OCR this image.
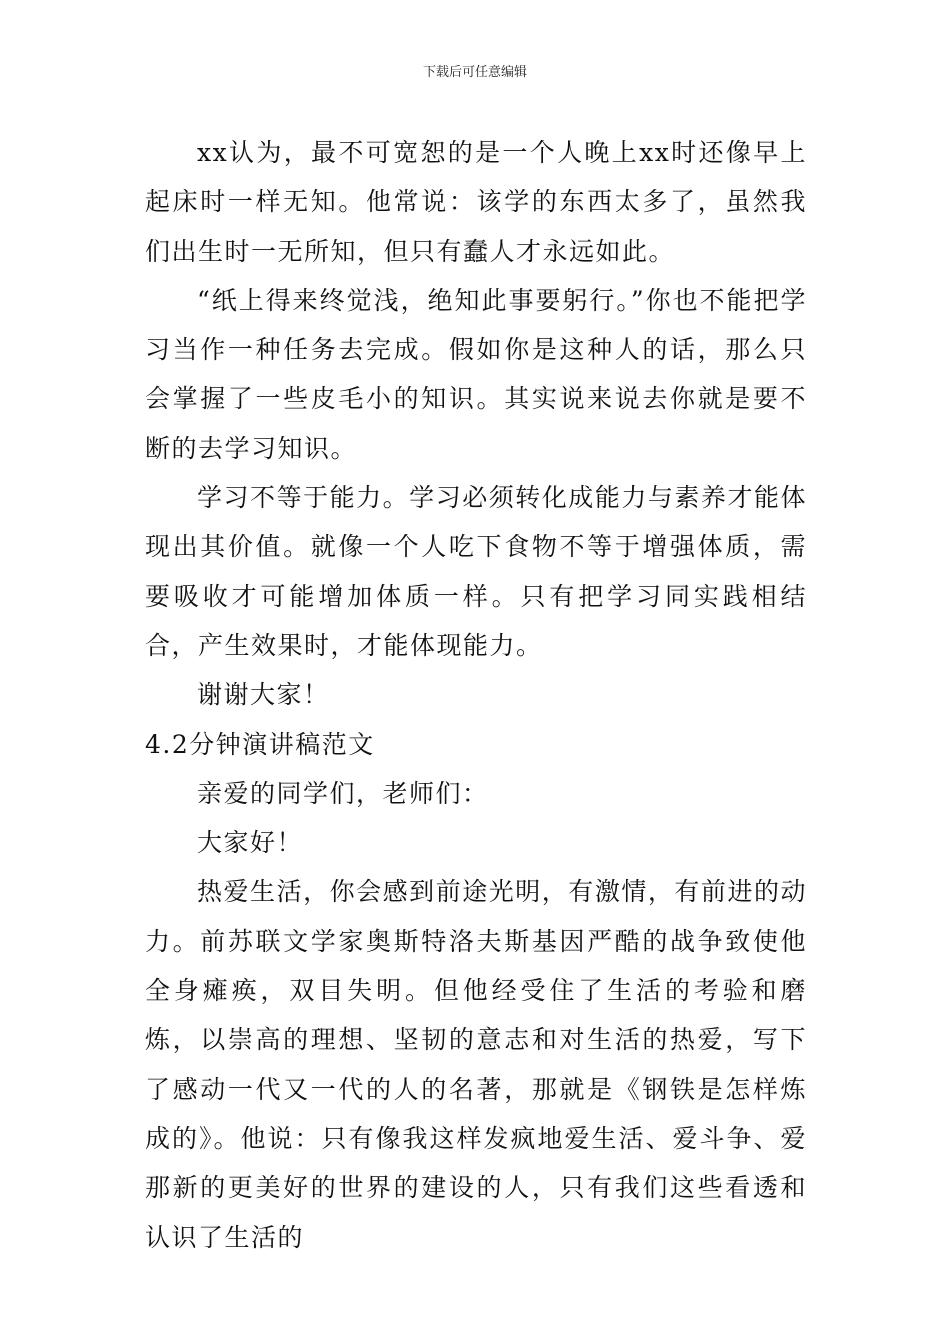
下载后可任意编辑

xx认为，最不可宽恕的是一个人晚上xx时还像早上起床时一样无知。他常说：该学的东西太多了，虽然我们出生时一无所知，但只有蠢人才永远如此。

“纸上得来终觉浅，绝知此事要躬行。”你也不能把学习当作一种任务去完成。假如你是这种人的话，那么只会掌握了一些皮毛小的知识。其实说来说去你就是要不断的去学习知识。

学习不等于能力。学习必须转化成能力与素养才能体现出其价值。就像一个人吃下食物不等于增强体质，需要吸收才可能增加体质一样。只有把学习同实践相结合，产生效果时，才能体现能力。

谢谢大家！

4.2分钟演讲稿范文

亲爱的同学们，老师们：

大家好！

热爱生活，你会感到前途光明，有激情，有前进的动力。前苏联文学家奥斯特洛夫斯基因严酷的战争致使他全身瘫痪，双目失明。但他经受住了生活的考验和磨炼，以崇高的理想、坚韧的意志和对生活的热爱，写下了感动一代又一代的人的名著，那就是《钢铁是怎样炼成的》。他说：只有像我这样发疯地爱生活、爱斗争、爱那新的更美好的世界的建设的人，只有我们这些看透和认识了生活的
